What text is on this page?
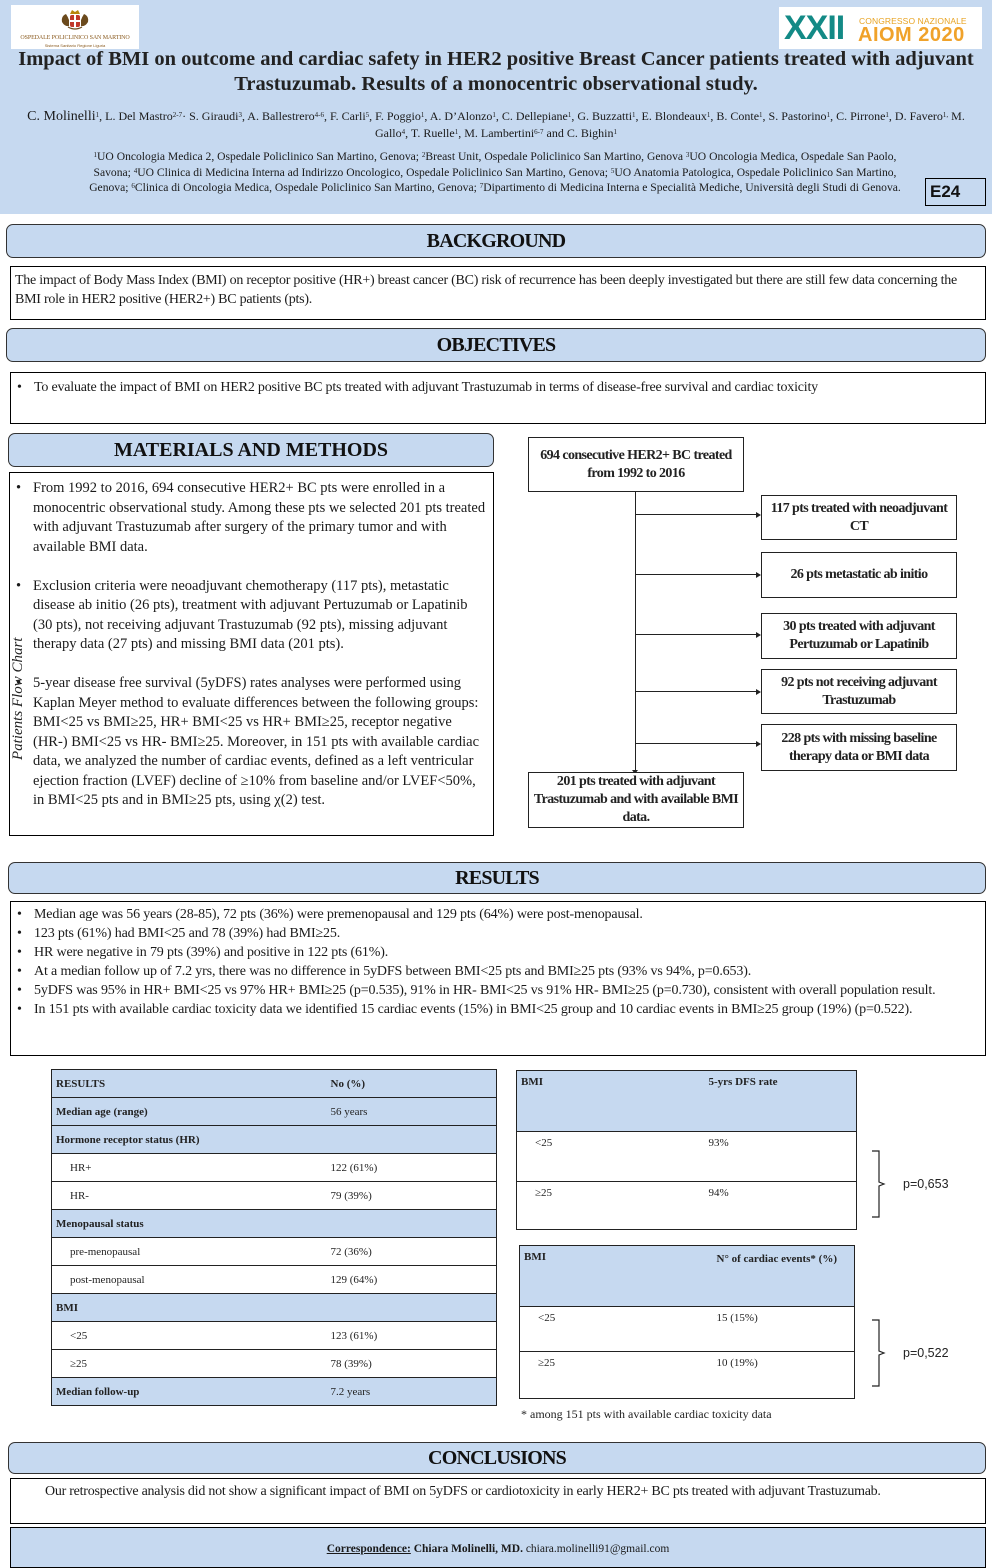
OSPEDALE POLICLINICO SAN MARTINO
Sistema Sanitario Regione Liguria	XXII CONGRESSO NAZIONALE
AIOM 2020
Impact of BMI on outcome and cardiac safety in HER2 positive Breast Cancer patients treated with adjuvant
Trastuzumab. Results of a monocentric observational study.
C. Molinelli$^1$, L. Del Mastro$^{2-7}$· S. Giraudi$^3$, A. Ballestrero$^{4-6}$, F. Carli$^5$, F. Poggio$^1$, A. D’Alonzo$^1$, C. Dellepiane$^1$, G. Buzzatti$^1$, E. Blondeaux$^1$, B. Conte$^1$, S. Pastorino$^1$, C. Pirrone$^1$, D. Favero$^{1,}$ M. Gallo$^4$, T. Ruelle$^1$, M. Lambertini$^{6-7}$ and C. Bighin$^1$
$^1$UO Oncologia Medica 2, Ospedale Policlinico San Martino, Genova; $^2$Breast Unit, Ospedale Policlinico San Martino, Genova $^3$UO Oncologia Medica, Ospedale San Paolo, Savona; $^4$UO Clinica di Medicina Interna ad Indirizzo Oncologico, Ospedale Policlinico San Martino, Genova; $^5$UO Anatomia Patologica, Ospedale Policlinico San Martino, Genova; $^6$Clinica di Oncologia Medica, Ospedale Policlinico San Martino, Genova; $^7$Dipartimento di Medicina Interna e Specialità Mediche, Università degli Studi di Genova.	E24
BACKGROUND
The impact of Body Mass Index (BMI) on receptor positive (HR+) breast cancer (BC) risk of recurrence has been deeply investigated but there are still few data concerning the BMI role in HER2 positive (HER2+) BC patients (pts).
OBJECTIVES
• To evaluate the impact of BMI on HER2 positive BC pts treated with adjuvant Trastuzumab in terms of disease-free survival and cardiac toxicity
MATERIALS AND METHODS
• From 1992 to 2016, 694 consecutive HER2+ BC pts were enrolled in a monocentric observational study. Among these pts we selected 201 pts treated with adjuvant Trastuzumab after surgery of the primary tumor and with available BMI data.
• Exclusion criteria were neoadjuvant chemotherapy (117 pts), metastatic disease ab initio (26 pts), treatment with adjuvant Pertuzumab or Lapatinib (30 pts), not receiving adjuvant Trastuzumab (92 pts), missing adjuvant therapy data (27 pts) and missing BMI data (201 pts).
• 5-year disease free survival (5yDFS) rates analyses were performed using Kaplan Meyer method to evaluate differences between the following groups: BMI<25 vs BMI≥25, HR+ BMI<25 vs HR+ BMI≥25, receptor negative (HR-) BMI<25 vs HR- BMI≥25. Moreover, in 151 pts with available cardiac data, we analyzed the number of cardiac events, defined as a left ventricular ejection fraction (LVEF) decline of ≥10% from baseline and/or LVEF<50%, in BMI<25 pts and in BMI≥25 pts, using χ(2) test.
Patients Flow Chart
694 consecutive HER2+ BC treated from 1992 to 2016
117 pts treated with neoadjuvant CT
26 pts metastatic ab initio
30 pts treated with adjuvant Pertuzumab or Lapatinib
92 pts not receiving adjuvant Trastuzumab
228 pts with missing baseline therapy data or BMI data
201 pts treated with adjuvant Trastuzumab and with available BMI data.
RESULTS
• Median age was 56 years (28-85), 72 pts (36%) were premenopausal and 129 pts (64%) were post-menopausal.
• 123 pts (61%) had BMI<25 and 78 (39%) had BMI≥25.
• HR were negative in 79 pts (39%) and positive in 122 pts (61%).
• At a median follow up of 7.2 yrs, there was no difference in 5yDFS between BMI<25 pts and BMI≥25 pts (93% vs 94%, p=0.653).
• 5yDFS was 95% in HR+ BMI<25 vs 97% HR+ BMI≥25 (p=0.535), 91% in HR- BMI<25 vs 91% HR- BMI≥25 (p=0.730), consistent with overall population result.
• In 151 pts with available cardiac toxicity data we identified 15 cardiac events (15%) in BMI<25 group and 10 cardiac events in BMI≥25 group (19%) (p=0.522).
RESULTS	No (%)
Median age (range)	56 years
Hormone receptor status (HR)	
HR+	122 (61%)
HR-	79 (39%)
Menopausal status	
pre-menopausal	72 (36%)
post-menopausal	129 (64%)
BMI	
<25	123 (61%)
≥25	78 (39%)
Median follow-up	7.2 years
BMI	5-yrs DFS rate
<25	93%
≥25	94%
p=0,653
BMI	N° of cardiac events* (%)
<25	15 (15%)
≥25	10 (19%)
p=0,522
* among 151 pts with available cardiac toxicity data
CONCLUSIONS
Our retrospective analysis did not show a significant impact of BMI on 5yDFS or cardiotoxicity in early HER2+ BC pts treated with adjuvant Trastuzumab.
Correspondence: Chiara Molinelli, MD. chiara.molinelli91@gmail.com
